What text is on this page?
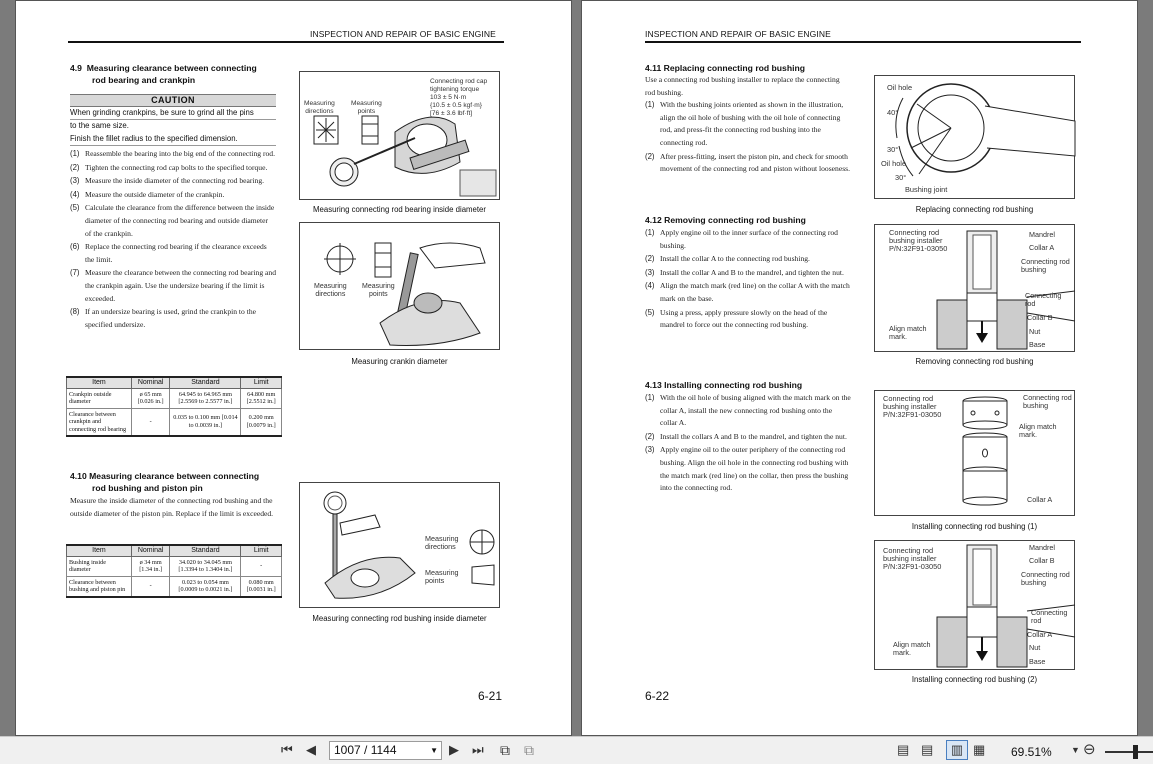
INSPECTION AND REPAIR OF BASIC ENGINE
4.9 Measuring clearance between connecting
rod bearing and crankpin
CAUTION
When grinding crankpins, be sure to grind all the pins
to the same size.
Finish the fillet radius to the specified dimension.
(1) Reassemble the bearing into the big end of the connecting rod.
(2) Tighten the connecting rod cap bolts to the specified torque.
(3) Measure the inside diameter of the connecting rod bearing.
(4) Measure the outside diameter of the crankpin.
(5) Calculate the clearance from the difference between the inside diameter of the connecting rod bearing and outside diameter of the crankpin.
(6) Replace the connecting rod bearing if the clearance exceeds the limit.
(7) Measure the clearance between the connecting rod bearing and the crankpin again. Use the undersize bearing if the limit is exceeded.
(8) If an undersize bearing is used, grind the crankpin to the specified undersize.
Item	Nominal	Standard	Limit
Crankpin outside diameter	ø 65 mm [0.026 in.]	64.945 to 64.965 mm [2.5569 to 2.5577 in.]	64.800 mm [2.5512 in.]
Clearance between crankpin and connecting rod bearing	-	0.035 to 0.100 mm [0.014 to 0.0039 in.]	0.200 mm [0.0079 in.]
4.10 Measuring clearance between connecting
rod bushing and piston pin
Measure the inside diameter of the connecting rod bushing and the outside diameter of the piston pin. Replace if the limit is exceeded.
Item	Nominal	Standard	Limit
Bushing inside diameter	ø 34 mm [1.34 in.]	34.020 to 34.045 mm [1.3394 to 1.3404 in.]	-
Clearance between bushing and piston pin	-	0.023 to 0.054 mm [0.0009 to 0.0021 in.]	0.080 mm [0.0031 in.]
Connecting rod cap
tightening torque
103 ± 5 N·m
{10.5 ± 0.5 kgf·m}
[76 ± 3.6 lbf·ft]
Measuring
directions
Measuring
points
Measuring connecting rod bearing inside diameter
Measuring
directions
Measuring
points
Measuring crankin diameter
Measuring
directions
Measuring
points
Measuring connecting rod bushing inside diameter
6-21
INSPECTION AND REPAIR OF BASIC ENGINE
4.11 Replacing connecting rod bushing
Use a connecting rod bushing installer to replace the connecting rod bushing.
(1) With the bushing joints oriented as shown in the illustration, align the oil hole of bushing with the oil hole of connecting rod, and press-fit the connecting rod bushing into the connecting rod.
(2) After press-fitting, insert the piston pin, and check for smooth movement of the connecting rod and piston without looseness.
4.12 Removing connecting rod bushing
(1) Apply engine oil to the inner surface of the connecting rod bushing.
(2) Install the collar A to the connecting rod bushing.
(3) Install the collar A and B to the mandrel, and tighten the nut.
(4) Align the match mark (red line) on the collar A with the match mark on the base.
(5) Using a press, apply pressure slowly on the head of the mandrel to force out the connecting rod bushing.
4.13 Installing connecting rod bushing
(1) With the oil hole of busing aligned with the match mark on the collar A, install the new connecting rod bushing onto the collar A.
(2) Install the collars A and B to the mandrel, and tighten the nut.
(3) Apply engine oil to the outer periphery of the connecting rod bushing. Align the oil hole in the connecting rod bushing with the match mark (red line) on the collar, then press the bushing into the connecting rod.
Oil hole
40°
30°
Oil hole
30°
Bushing joint
Replacing connecting rod bushing
Connecting rod
bushing installer
P/N:32F91-03050
Mandrel
Collar A
Connecting rod
bushing
Connecting
rod
Collar B
Nut
Base
Align match
mark.
Removing connecting rod bushing
Connecting rod
bushing installer
P/N:32F91-03050
Connecting rod
bushing
Align match
mark.
Collar A
Installing connecting rod bushing (1)
Connecting rod
bushing installer
P/N:32F91-03050
Mandrel
Collar B
Connecting rod
bushing
Connecting
rod
Collar A
Nut
Base
Align match
mark.
Installing connecting rod bushing (2)
6-22
⏮ ◀	1007 / 1144	▼ ▶ ⏭ ⧉ ⧉	▤ ▤	▥ ▦ 69.51% ▼ ⊖
